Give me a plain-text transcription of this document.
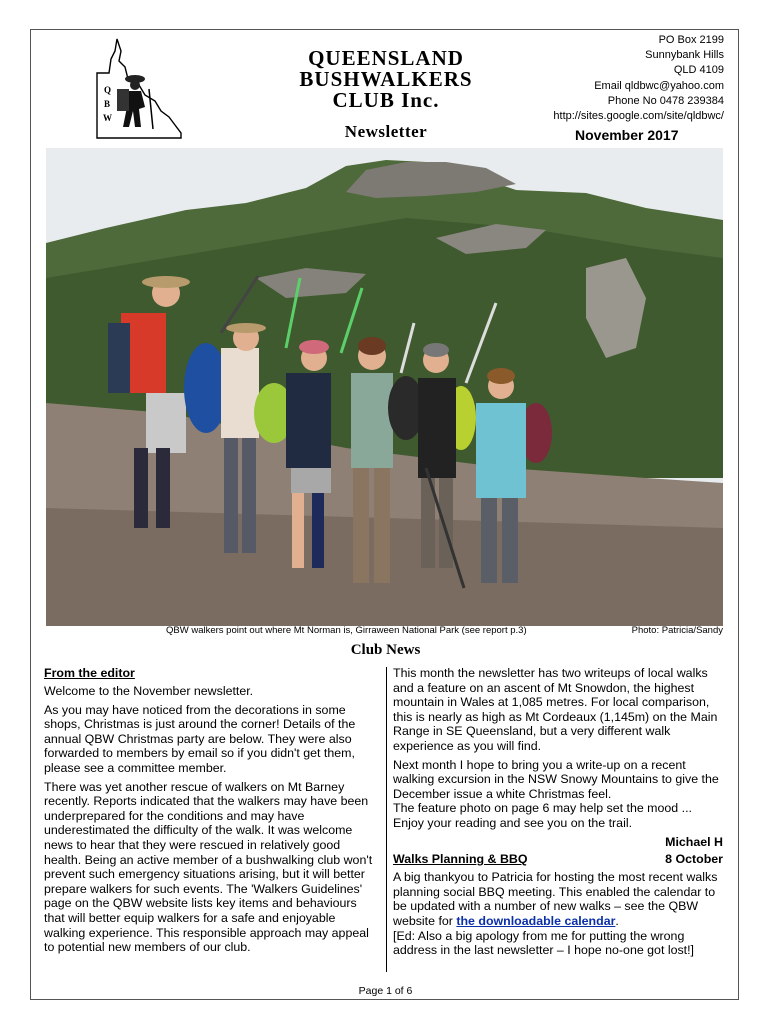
Q
B
W
QUEENSLAND
BUSHWALKERS
CLUB Inc.
Newsletter
PO Box 2199
Sunnybank Hills
QLD 4109
Email qldbwc@yahoo.com
Phone No 0478 239384
http://sites.google.com/site/qldbwc/
November 2017
QBW walkers point out where Mt Norman is, Girraween National Park (see report p.3)	Photo: Patricia/Sandy
Club News
From the editor

Welcome to the November newsletter.

As you may have noticed from the decorations in some shops, Christmas is just around the corner! Details of the annual QBW Christmas party are below. They were also forwarded to members by email so if you didn't get them, please see a committee member.

There was yet another rescue of walkers on Mt Barney recently. Reports indicated that the walkers may have been underprepared for the conditions and may have underestimated the difficulty of the walk. It was welcome news to hear that they were rescued in relatively good health. Being an active member of a bushwalking club won't prevent such emergency situations arising, but it will better prepare walkers for such events. The 'Walkers Guidelines' page on the QBW website lists key items and behaviours that will better equip walkers for a safe and enjoyable walking experience. This responsible approach may appeal to potential new members of our club.

This month the newsletter has two writeups of local walks and a feature on an ascent of Mt Snowdon, the highest mountain in Wales at 1,085 metres. For local comparison, this is nearly as high as Mt Cordeaux (1,145m) on the Main Range in SE Queensland, but a very different walk experience as you will find.

Next month I hope to bring you a write-up on a recent walking excursion in the NSW Snowy Mountains to give the December issue a white Christmas feel.

The feature photo on page 6 may help set the mood ... Enjoy your reading and see you on the trail.

Michael H
Walks Planning & BBQ	8 October

A big thankyou to Patricia for hosting the most recent walks planning social BBQ meeting. This enabled the calendar to be updated with a number of new walks – see the QBW website for the downloadable calendar.

[Ed: Also a big apology from me for putting the wrong address in the last newsletter – I hope no-one got lost!]

Page 1 of 6
